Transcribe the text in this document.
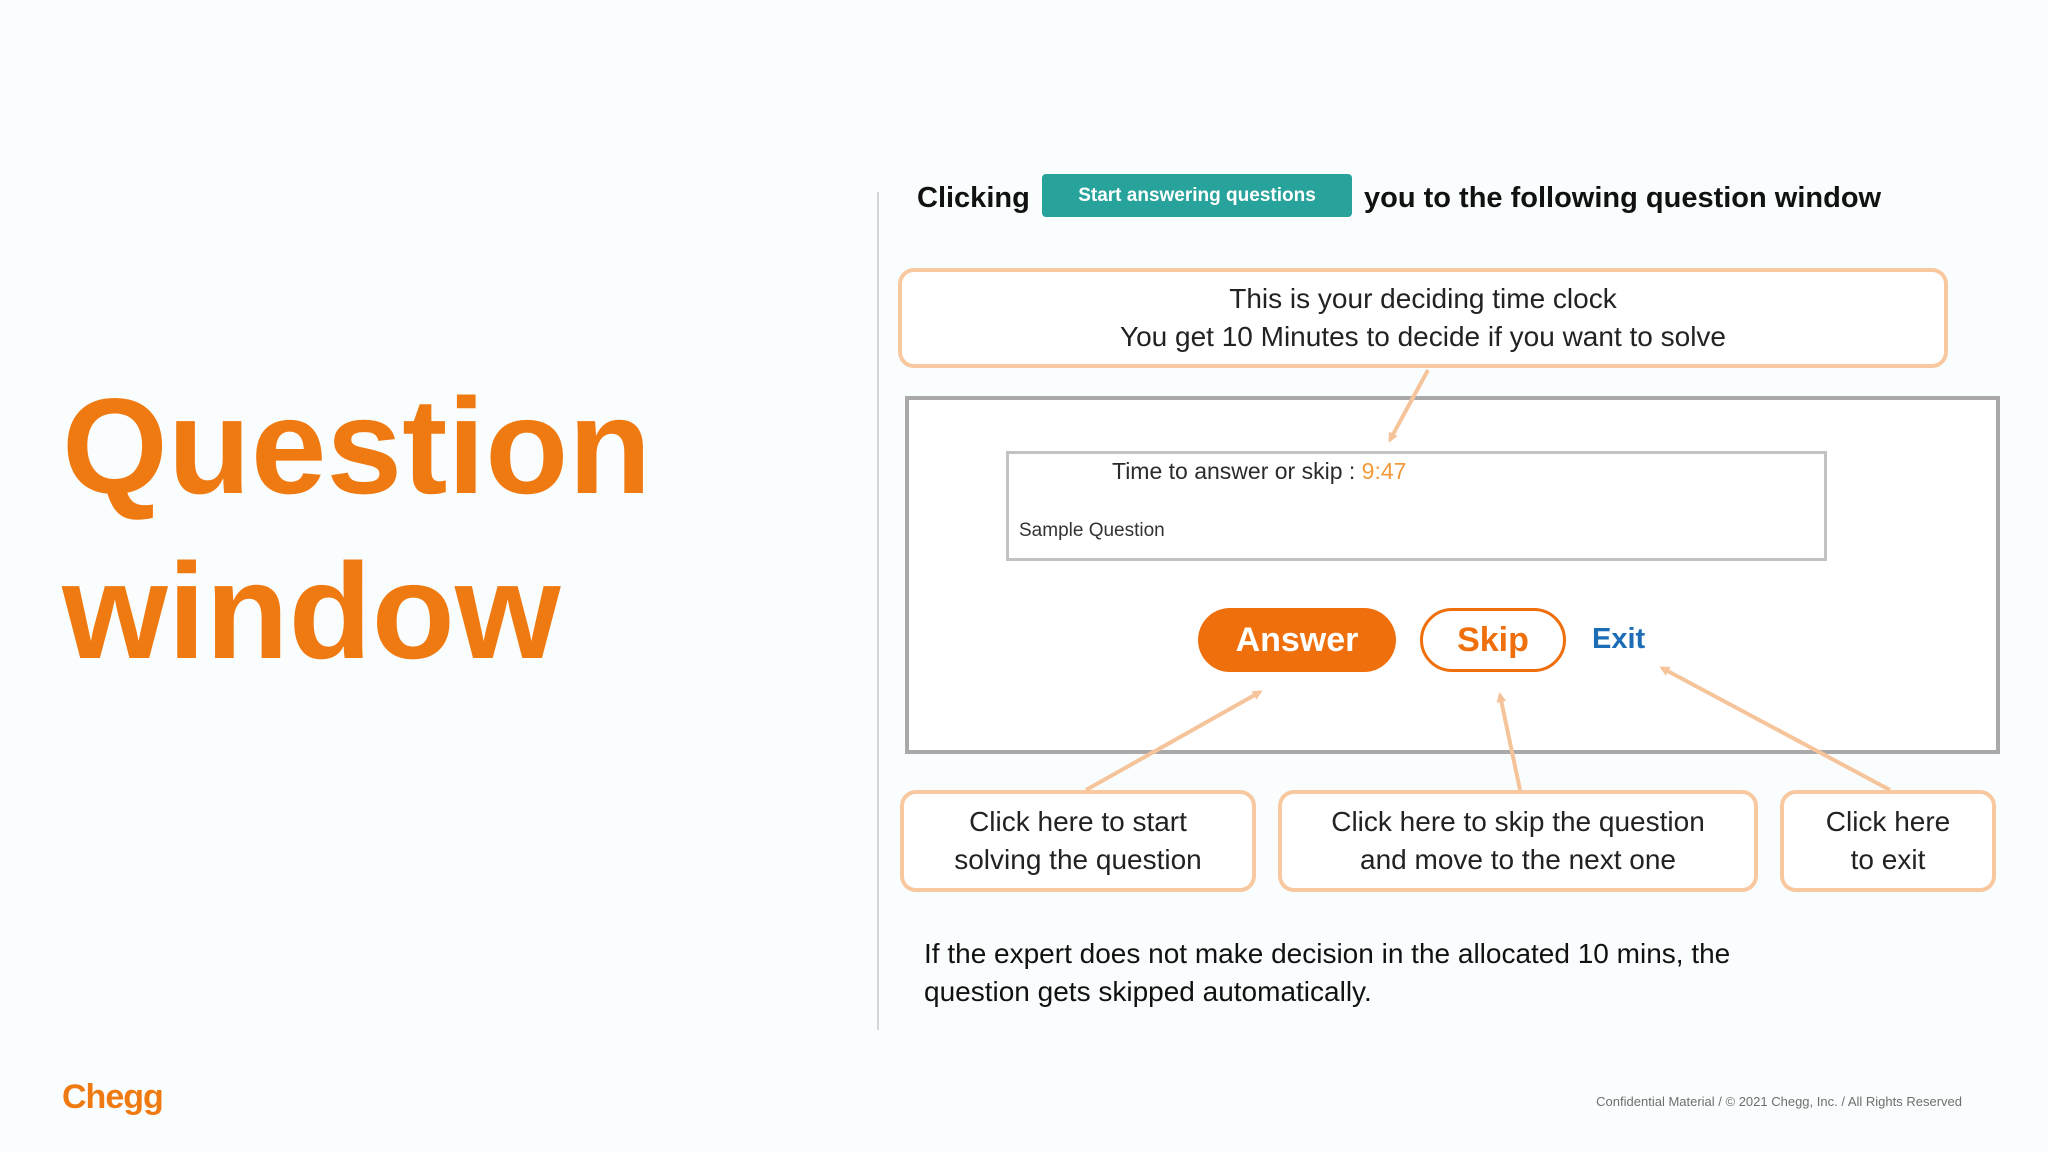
Question
window
Chegg	Confidential Material / © 2021 Chegg, Inc. / All Rights Reserved
Clicking	Start answering questions	you to the following question window
This is your deciding time clock
You get 10 Minutes to decide if you want to solve
Time to answer or skip : 9:47
Sample Question
Answer	Skip	Exit
Click here to start
solving the question
Click here to skip the question
and move to the next one
Click here
to exit
If the expert does not make decision in the allocated 10 mins, the question gets skipped automatically.
